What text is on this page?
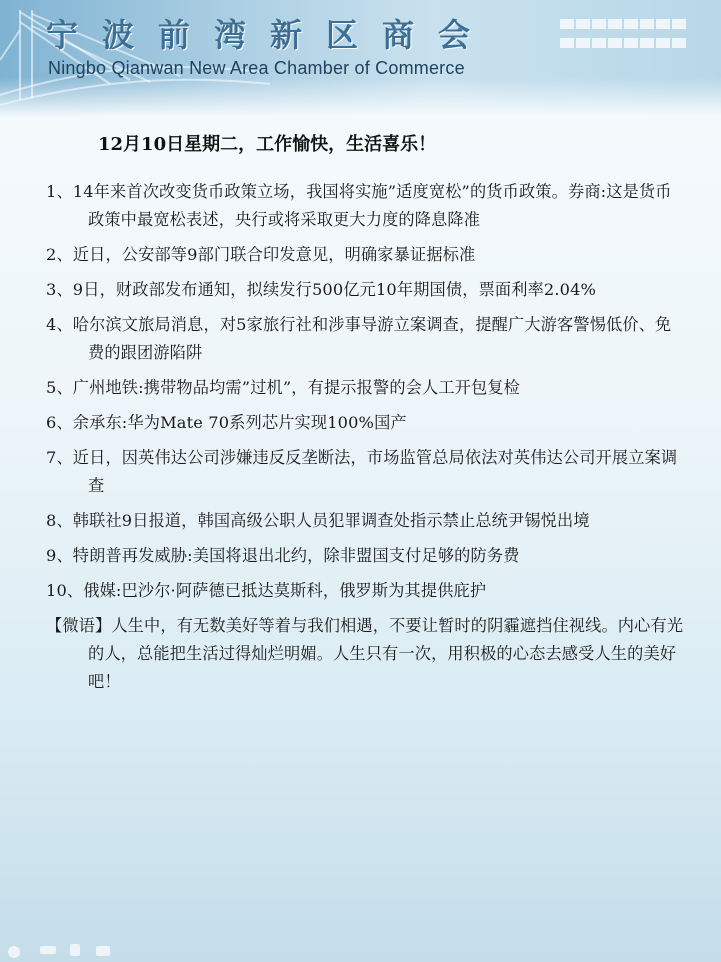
宁波前湾新区商会
Ningbo Qianwan New Area Chamber of Commerce
12月10日星期二，工作愉快，生活喜乐！

1、14年来首次改变货币政策立场，我国将实施”适度宽松”的货币政策。券商:这是货币政策中最宽松表述，央行或将采取更大力度的降息降准

2、近日，公安部等9部门联合印发意见，明确家暴证据标准

3、9日，财政部发布通知，拟续发行500亿元10年期国债，票面利率2.04%

4、哈尔滨文旅局消息，对5家旅行社和涉事导游立案调查，提醒广大游客警惕低价、免费的跟团游陷阱

5、广州地铁:携带物品均需”过机”，有提示报警的会人工开包复检

6、余承东:华为Mate 70系列芯片实现100%国产

7、近日，因英伟达公司涉嫌违反反垄断法，市场监管总局依法对英伟达公司开展立案调查

8、韩联社9日报道，韩国高级公职人员犯罪调查处指示禁止总统尹锡悦出境

9、特朗普再发威胁:美国将退出北约，除非盟国支付足够的防务费

10、俄媒:巴沙尔·阿萨德已抵达莫斯科，俄罗斯为其提供庇护

【微语】人生中，有无数美好等着与我们相遇，不要让暂时的阴霾遮挡住视线。内心有光的人，总能把生活过得灿烂明媚。人生只有一次，用积极的心态去感受人生的美好吧！
